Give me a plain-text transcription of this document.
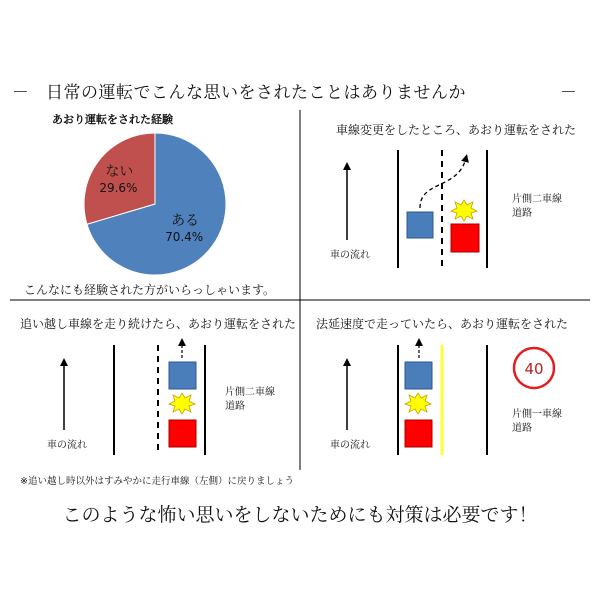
－ 日常の運転でこんな思いをされたことはありませんか	－
あおり運転をされた経験
ある
70.4%
ない
29.6%
こんなにも経験された方がいらっしゃいます。
車線変更をしたところ、あおり運転をされた
片側二車線
道路
車の流れ
追い越し車線を走り続けたら、あおり運転をされた
片側二車線
道路
車の流れ
※追い越し時以外はすみやかに走行車線（左側）に戻りましょう
法延速度で走っていたら、あおり運転をされた
40
片側一車線
道路
車の流れ
このような怖い思いをしないためにも対策は必要です！
